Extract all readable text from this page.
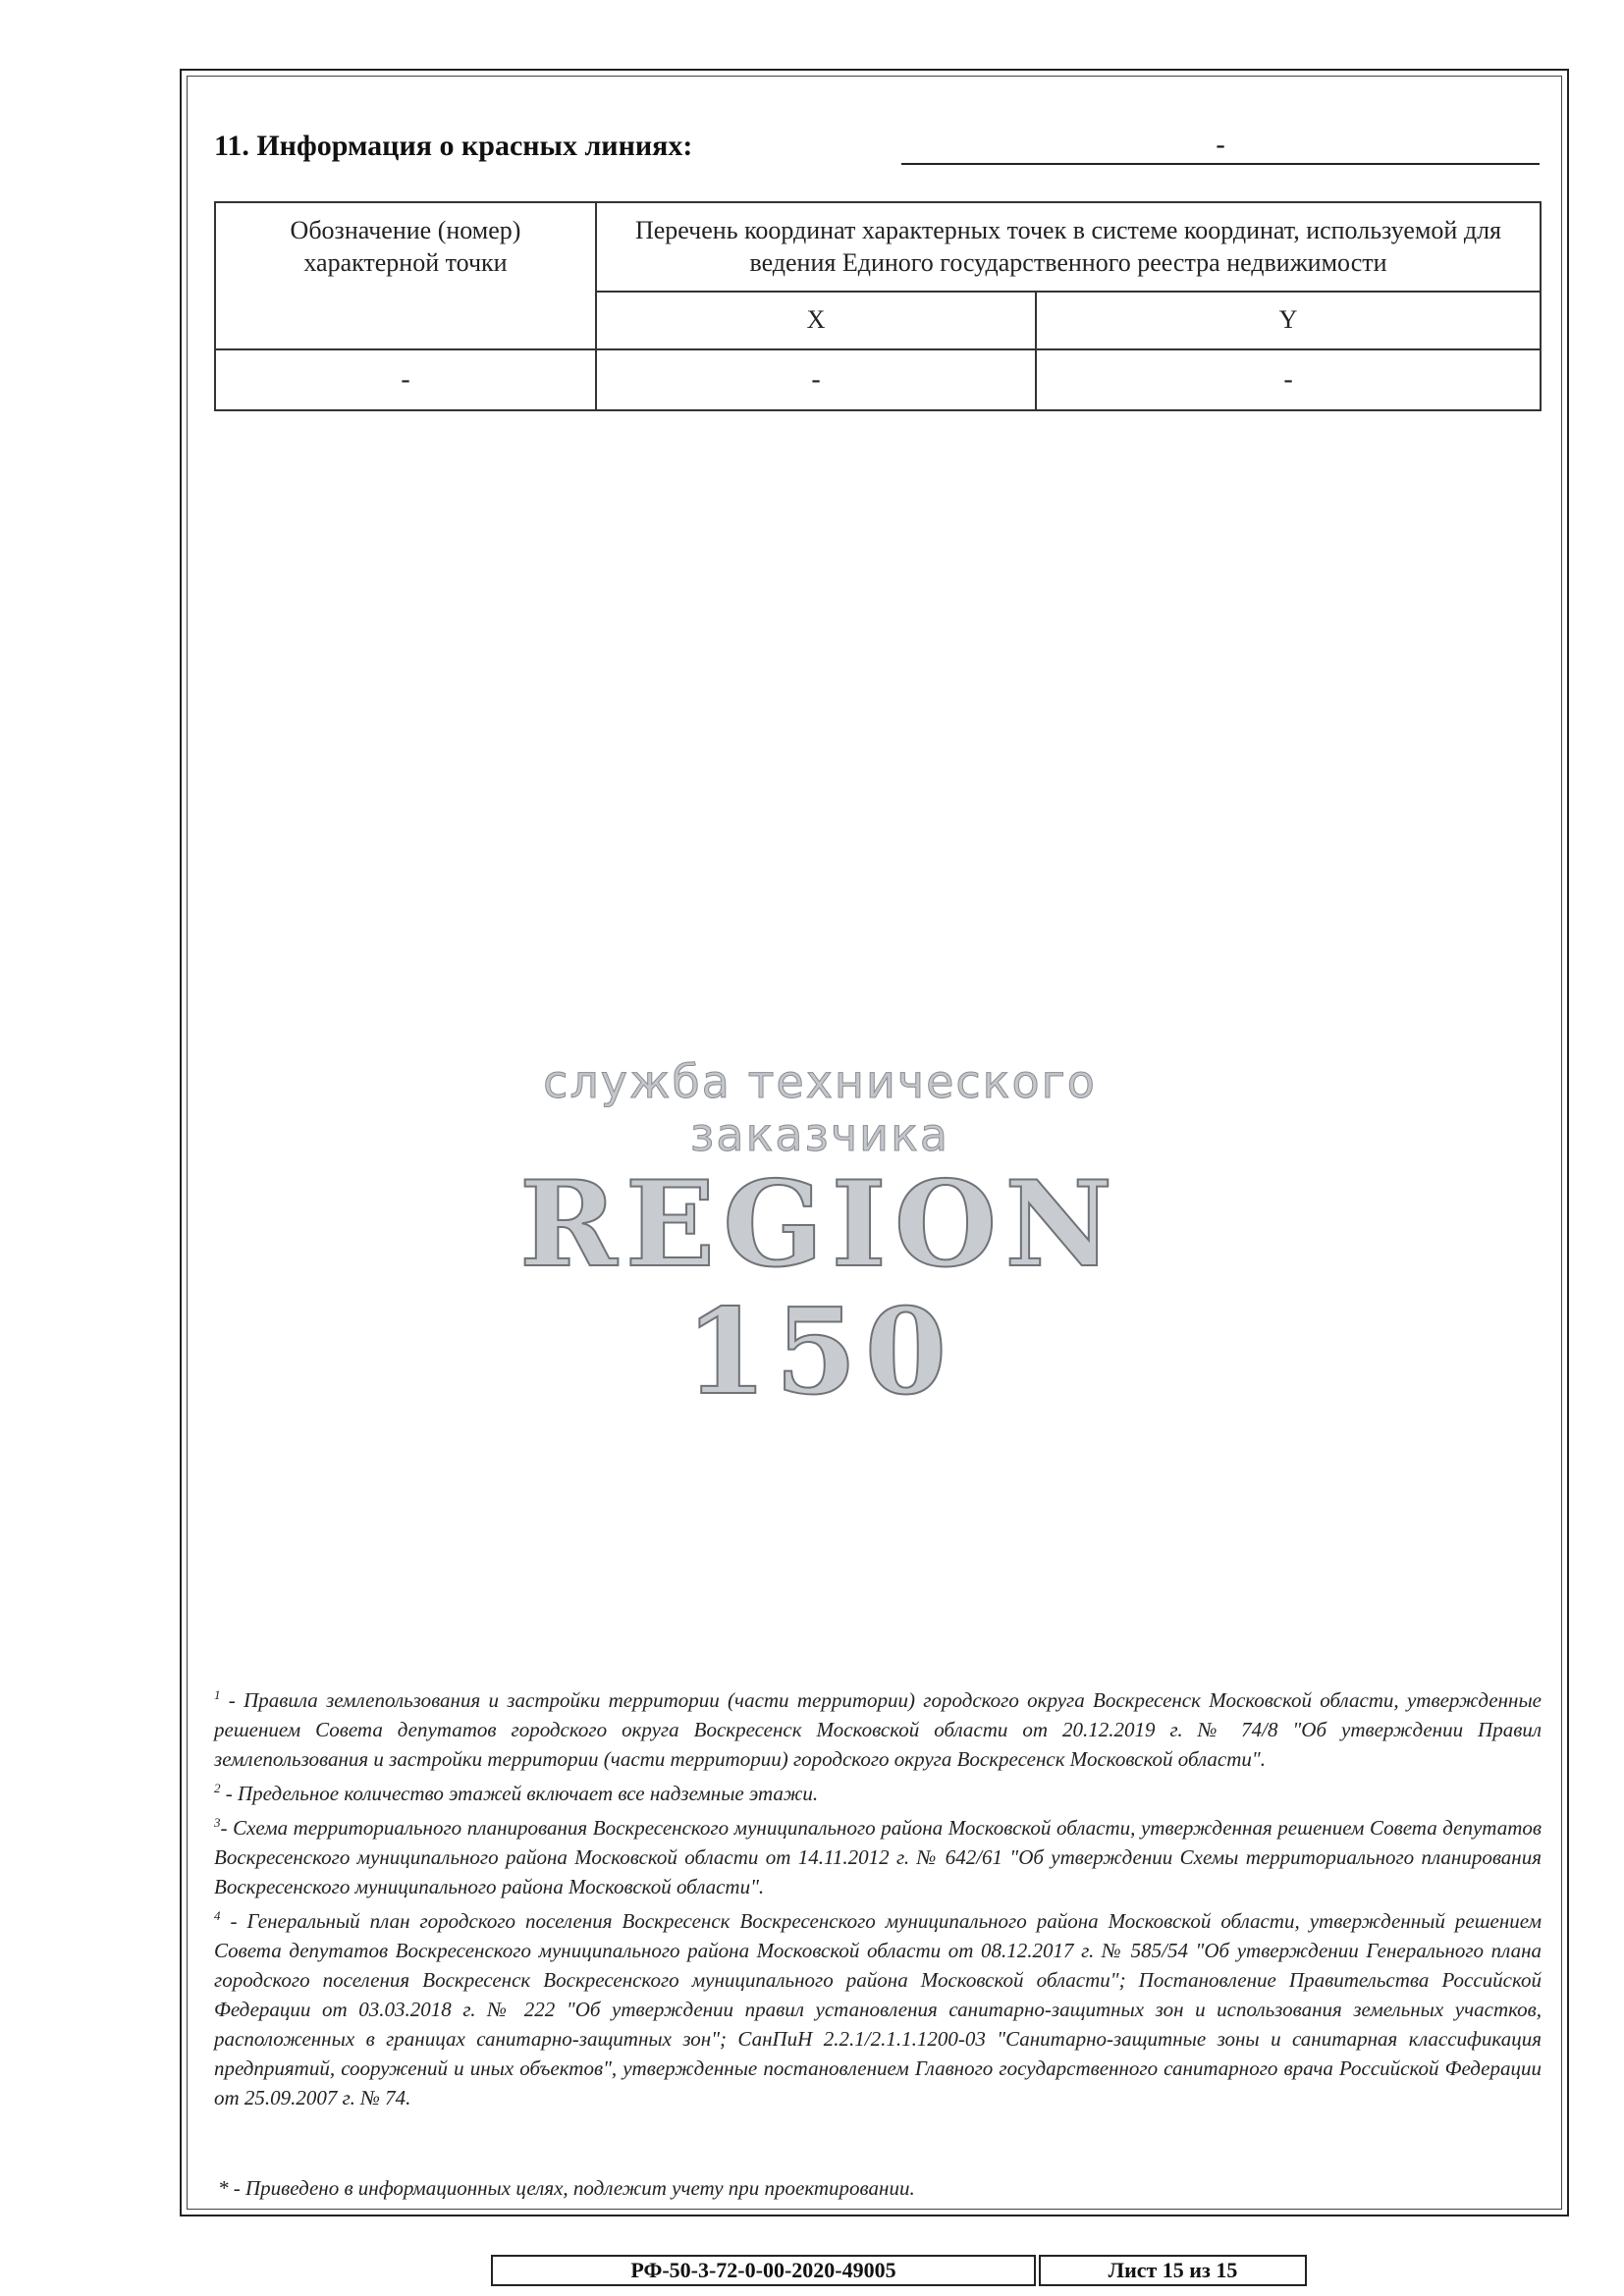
11. Информация о красных линиях:	-
Обозначение (номер) характерной точки	Перечень координат характерных точек в системе координат, используемой для ведения Единого государственного реестра недвижимости	
	X	Y
-	-	-
служба технического заказчика
REGION 150

$^1$ - Правила землепользования и застройки территории (части территории) городского округа Воскресенск Московской области, утвержденные решением Совета депутатов городского округа Воскресенск Московской области от 20.12.2019 г. № 74/8 "Об утверждении Правил землепользования и застройки территории (части территории) городского округа Воскресенск Московской области".

$^2$ - Предельное количество этажей включает все надземные этажи.

$^3$- Схема территориального планирования Воскресенского муниципального района Московской области, утвержденная решением Совета депутатов Воскресенского муниципального района Московской области от 14.11.2012 г. № 642/61 "Об утверждении Схемы территориального планирования Воскресенского муниципального района Московской области".

$^4$ - Генеральный план городского поселения Воскресенск Воскресенского муниципального района Московской области, утвержденный решением Совета депутатов Воскресенского муниципального района Московской области от 08.12.2017 г. № 585/54 "Об утверждении Генерального плана городского поселения Воскресенск Воскресенского муниципального района Московской области"; Постановление Правительства Российской Федерации от 03.03.2018 г. № 222 "Об утверждении правил установления санитарно-защитных зон и использования земельных участков, расположенных в границах санитарно-защитных зон"; СанПиН 2.2.1/2.1.1.1200-03 "Санитарно-защитные зоны и санитарная классификация предприятий, сооружений и иных объектов", утвержденные постановлением Главного государственного санитарного врача Российской Федерации от 25.09.2007 г. № 74.

* - Приведено в информационных целях, подлежит учету при проектировании.
РФ-50-3-72-0-00-2020-49005	Лист 15 из 15
